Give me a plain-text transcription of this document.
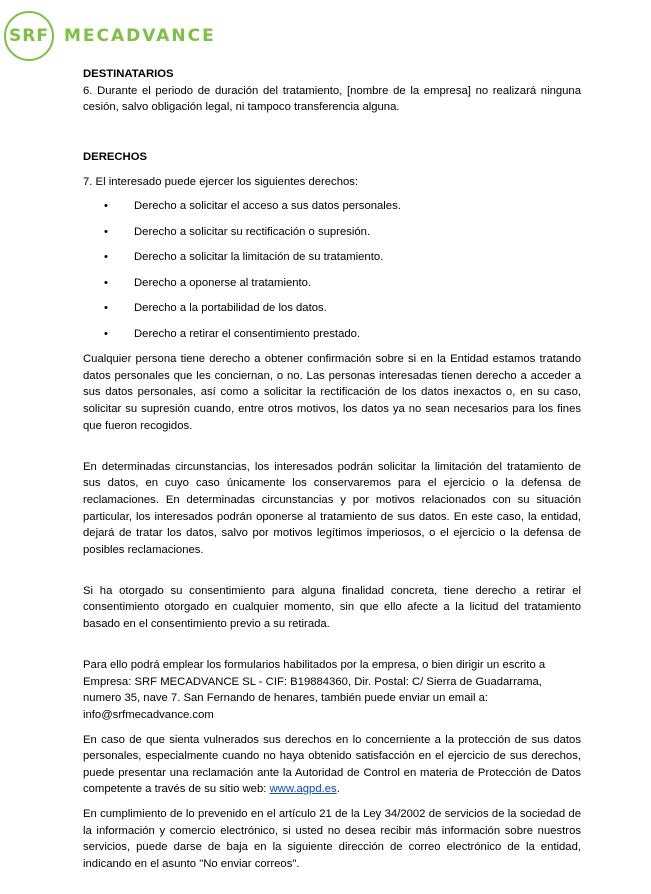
SRF MECADVANCE
DESTINATARIOS

6. Durante el periodo de duración del tratamiento, [nombre de la empresa] no realizará ninguna cesión, salvo obligación legal, ni tampoco transferencia alguna.

DERECHOS

7. El interesado puede ejercer los siguientes derechos:

• Derecho a solicitar el acceso a sus datos personales.
• Derecho a solicitar su rectificación o supresión.
• Derecho a solicitar la limitación de su tratamiento.
• Derecho a oponerse al tratamiento.
• Derecho a la portabilidad de los datos.
• Derecho a retirar el consentimiento prestado.

Cualquier persona tiene derecho a obtener confirmación sobre si en la Entidad estamos tratando datos personales que les conciernan, o no. Las personas interesadas tienen derecho a acceder a sus datos personales, así como a solicitar la rectificación de los datos inexactos o, en su caso, solicitar su supresión cuando, entre otros motivos, los datos ya no sean necesarios para los fines que fueron recogidos.

En determinadas circunstancias, los interesados podrán solicitar la limitación del tratamiento de sus datos, en cuyo caso únicamente los conservaremos para el ejercicio o la defensa de reclamaciones. En determinadas circunstancias y por motivos relacionados con su situación particular, los interesados podrán oponerse al tratamiento de sus datos. En este caso, la entidad, dejará de tratar los datos, salvo por motivos legítimos imperiosos, o el ejercicio o la defensa de posibles reclamaciones.

Si ha otorgado su consentimiento para alguna finalidad concreta, tiene derecho a retirar el consentimiento otorgado en cualquier momento, sin que ello afecte a la licitud del tratamiento basado en el consentimiento previo a su retirada.

Para ello podrá emplear los formularios habilitados por la empresa, o bien dirigir un escrito a Empresa: SRF MECADVANCE SL - CIF: B19884360, Dir. Postal: C/ Sierra de Guadarrama, numero 35, nave 7. San Fernando de henares, también puede enviar un email a: info@srfmecadvance.com

En caso de que sienta vulnerados sus derechos en lo concerniente a la protección de sus datos personales, especialmente cuando no haya obtenido satisfacción en el ejercicio de sus derechos, puede presentar una reclamación ante la Autoridad de Control en materia de Protección de Datos competente a través de su sitio web: www.agpd.es.

En cumplimiento de lo prevenido en el artículo 21 de la Ley 34/2002 de servicios de la sociedad de la información y comercio electrónico, si usted no desea recibir más información sobre nuestros servicios, puede darse de baja en la siguiente dirección de correo electrónico de la entidad, indicando en el asunto "No enviar correos".
